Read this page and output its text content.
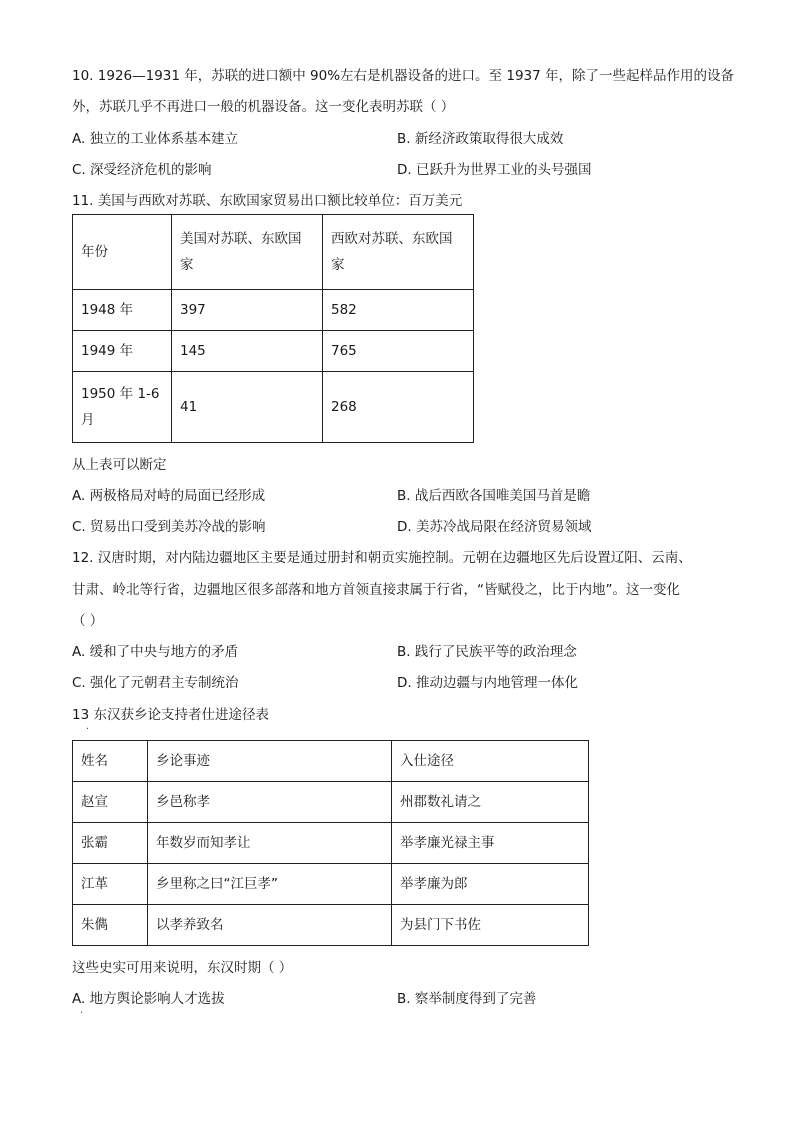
10. 1926—1931 年，苏联的进口额中 90%左右是机器设备的进口。至 1937 年，除了一些起样品作用的设备
外，苏联几乎不再进口一般的机器设备。这一变化表明苏联（ ）
A. 独立的工业体系基本建立	B. 新经济政策取得很大成效
C. 深受经济危机的影响	D. 已跃升为世界工业的头号强国
11. 美国与西欧对苏联、东欧国家贸易出口额比较单位：百万美元
年份	美国对苏联、东欧国家	西欧对苏联、东欧国家
1948 年	397	582
1949 年	145	765
1950 年 1-6 月	41	268
从上表可以断定
A. 两极格局对峙的局面已经形成	B. 战后西欧各国唯美国马首是瞻
C. 贸易出口受到美苏冷战的影响	D. 美苏冷战局限在经济贸易领域
12. 汉唐时期，对内陆边疆地区主要是通过册封和朝贡实施控制。元朝在边疆地区先后设置辽阳、云南、
甘肃、岭北等行省，边疆地区很多部落和地方首领直接隶属于行省，“皆赋役之，比于内地”。这一变化
（ ）
A. 缓和了中央与地方的矛盾	B. 践行了民族平等的政治理念
C. 强化了元朝君主专制统治	D. 推动边疆与内地管理一体化
13 东汉获乡论支持者仕进途径表
·
姓名	乡论事迹	入仕途径
赵宣	乡邑称孝	州郡数礼请之
张霸	年数岁而知孝让	举孝廉光禄主事
江革	乡里称之曰“江巨孝”	举孝廉为郎
朱儁	以孝养致名	为县门下书佐
这些史实可用来说明，东汉时期（ ）
A. 地方舆论影响人才选拔	B. 察举制度得到了完善
·
